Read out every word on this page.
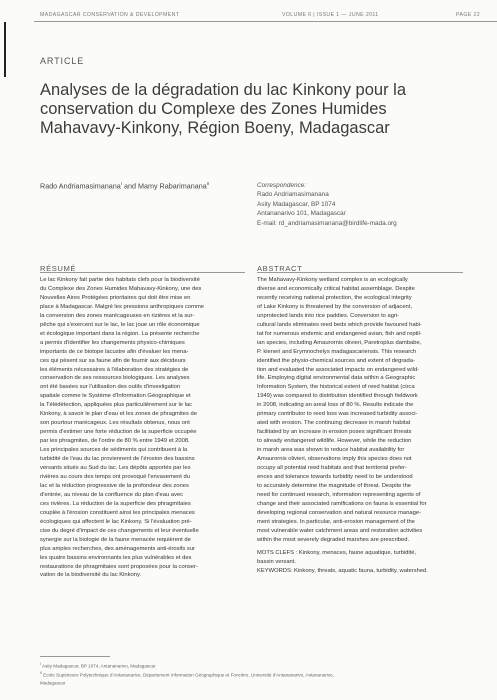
MADAGASCAR CONSERVATION & DEVELOPMENT	VOLUME 6 | ISSUE 1 — JUNE 2011	PAGE 22
ARTICLE
Analyses de la dégradation du lac Kinkony pour la
conservation du Complexe des Zones Humides
Mahavavy-Kinkony, Région Boeny, Madagascar
Rado Andriamasimanana$^I$ and Mamy Rabarimanana$^{II}$	Correspondence:
Rado Andriamasimanana
Asity Madagascar, BP 1074
Antananarivo 101, Madagascar
E-mail: rd_andriamasimanana@birdlife-mada.org
RÉSUMÉ	ABSTRACT
Le lac Kinkony fait partie des habitats clefs pour la biodiversité
du Complexe des Zones Humides Mahavavy-Kinkony, une des
Nouvelles Aires Protégées prioritaires qui doit être mise en
place à Madagascar. Malgré les pressions anthropiques comme
la conversion des zones marécageuses en rizières et la sur-
pêche qui s'exercent sur le lac, le lac joue un rôle économique
et écologique important dans la région. La présente recherche
a permis d'identifier les changements physico-chimiques
importants de ce biotope lacustre afin d'évaluer les mena-
ces qui pèsent sur sa faune afin de fournir aux décideurs
les éléments nécessaires à l'élaboration des stratégies de
conservation de ses ressources biologiques. Les analyses
ont été basées sur l'utilisation des outils d'investigation
spatiale comme le Système d'Information Géographique et
la Télédétection, appliquées plus particulièrement sur le lac
Kinkony, à savoir le plan d'eau et les zones de phragmites de
son pourtour marécageux. Les résultats obtenus, nous ont
permis d'estimer une forte réduction de la superficie occupée
par les phragmites, de l'ordre de 80 % entre 1949 et 2008.
Les principales sources de sédiments qui contribuent à la
turbidité de l'eau du lac proviennent de l'érosion des bassins
versants situés au Sud du lac. Les dépôts apportés par les
rivières au cours des temps ont provoqué l'envasement du
lac et la réduction progressive de la profondeur des zones
d'entrée, au niveau de la confluence du plan d'eau avec
ces rivières. La réduction de la superficie des phragmitaies
couplée à l'érosion constituent ainsi les principales menaces
écologiques qui affectent le lac Kinkony. Si l'évaluation pré-
cise du degré d'impact de ces changements et leur éventuelle
synergie sur la biologie de la faune menacée requièrent de
plus amples recherches, des aménagements anti-érosifs sur
les quatre bassins environnants les plus vulnérables et des
restaurations de phragmitaies sont proposées pour la conser-
vation de la biodiversité du lac Kinkony.
The Mahavavy-Kinkony wetland complex is an ecologically
diverse and economically critical habitat assemblage. Despite
recently receiving national protection, the ecological integrity
of Lake Kinkony is threatened by the conversion of adjacent,
unprotected lands into rice paddies. Conversion to agri-
cultural lands eliminates reed beds which provide favoured habi-
tat for numerous endemic and endangered avian, fish and reptil-
ian species, including Amaurornis olivieri, Paretroplus dambabe,
P. kieneri and Erymnochelys madagascariensis. This research
identified the physio-chemical sources and extent of degrada-
tion and evaluated the associated impacts on endangered wild-
life. Employing digital environmental data within a Geographic
Information System, the historical extent of reed habitat (circa
1949) was compared to distribution identified through fieldwork
in 2008, indicating an areal loss of 80 %. Results indicate the
primary contributor to reed loss was increased turbidity associ-
ated with erosion. The continuing decrease in marsh habitat
facilitated by an increase in erosion poses significant threats
to already endangered wildlife. However, while the reduction
in marsh area was shown to reduce habitat availability for
Amaurornis olivieri, observations imply this species does not
occupy all potential reed habitats and that territorial prefer-
ences and tolerance towards turbidity need to be understood
to accurately determine the magnitude of threat. Despite the
need for continued research, information representing agents of
change and their associated ramifications on fauna is essential for
developing regional conservation and natural resource manage-
ment strategies. In particular, anti-erosion management of the
most vulnerable water catchment areas and restoration activities
within the most severely degraded marshes are prescribed.
MOTS CLEFS : Kinkony, menaces, faune aquatique, turbidité,
bassin versant.
KEYWORDS: Kinkony, threats, aquatic fauna, turbidity, watershed.
$^I$ Asity Madagascar, BP 1074, Antananarivo, Madagascar
$^{II}$ Ecole Supérieure Polytechnique d'Antananarivo, Département Information Géographique et Foncière, Université d'Antananarivo, Antananarivo,
Madagascar
